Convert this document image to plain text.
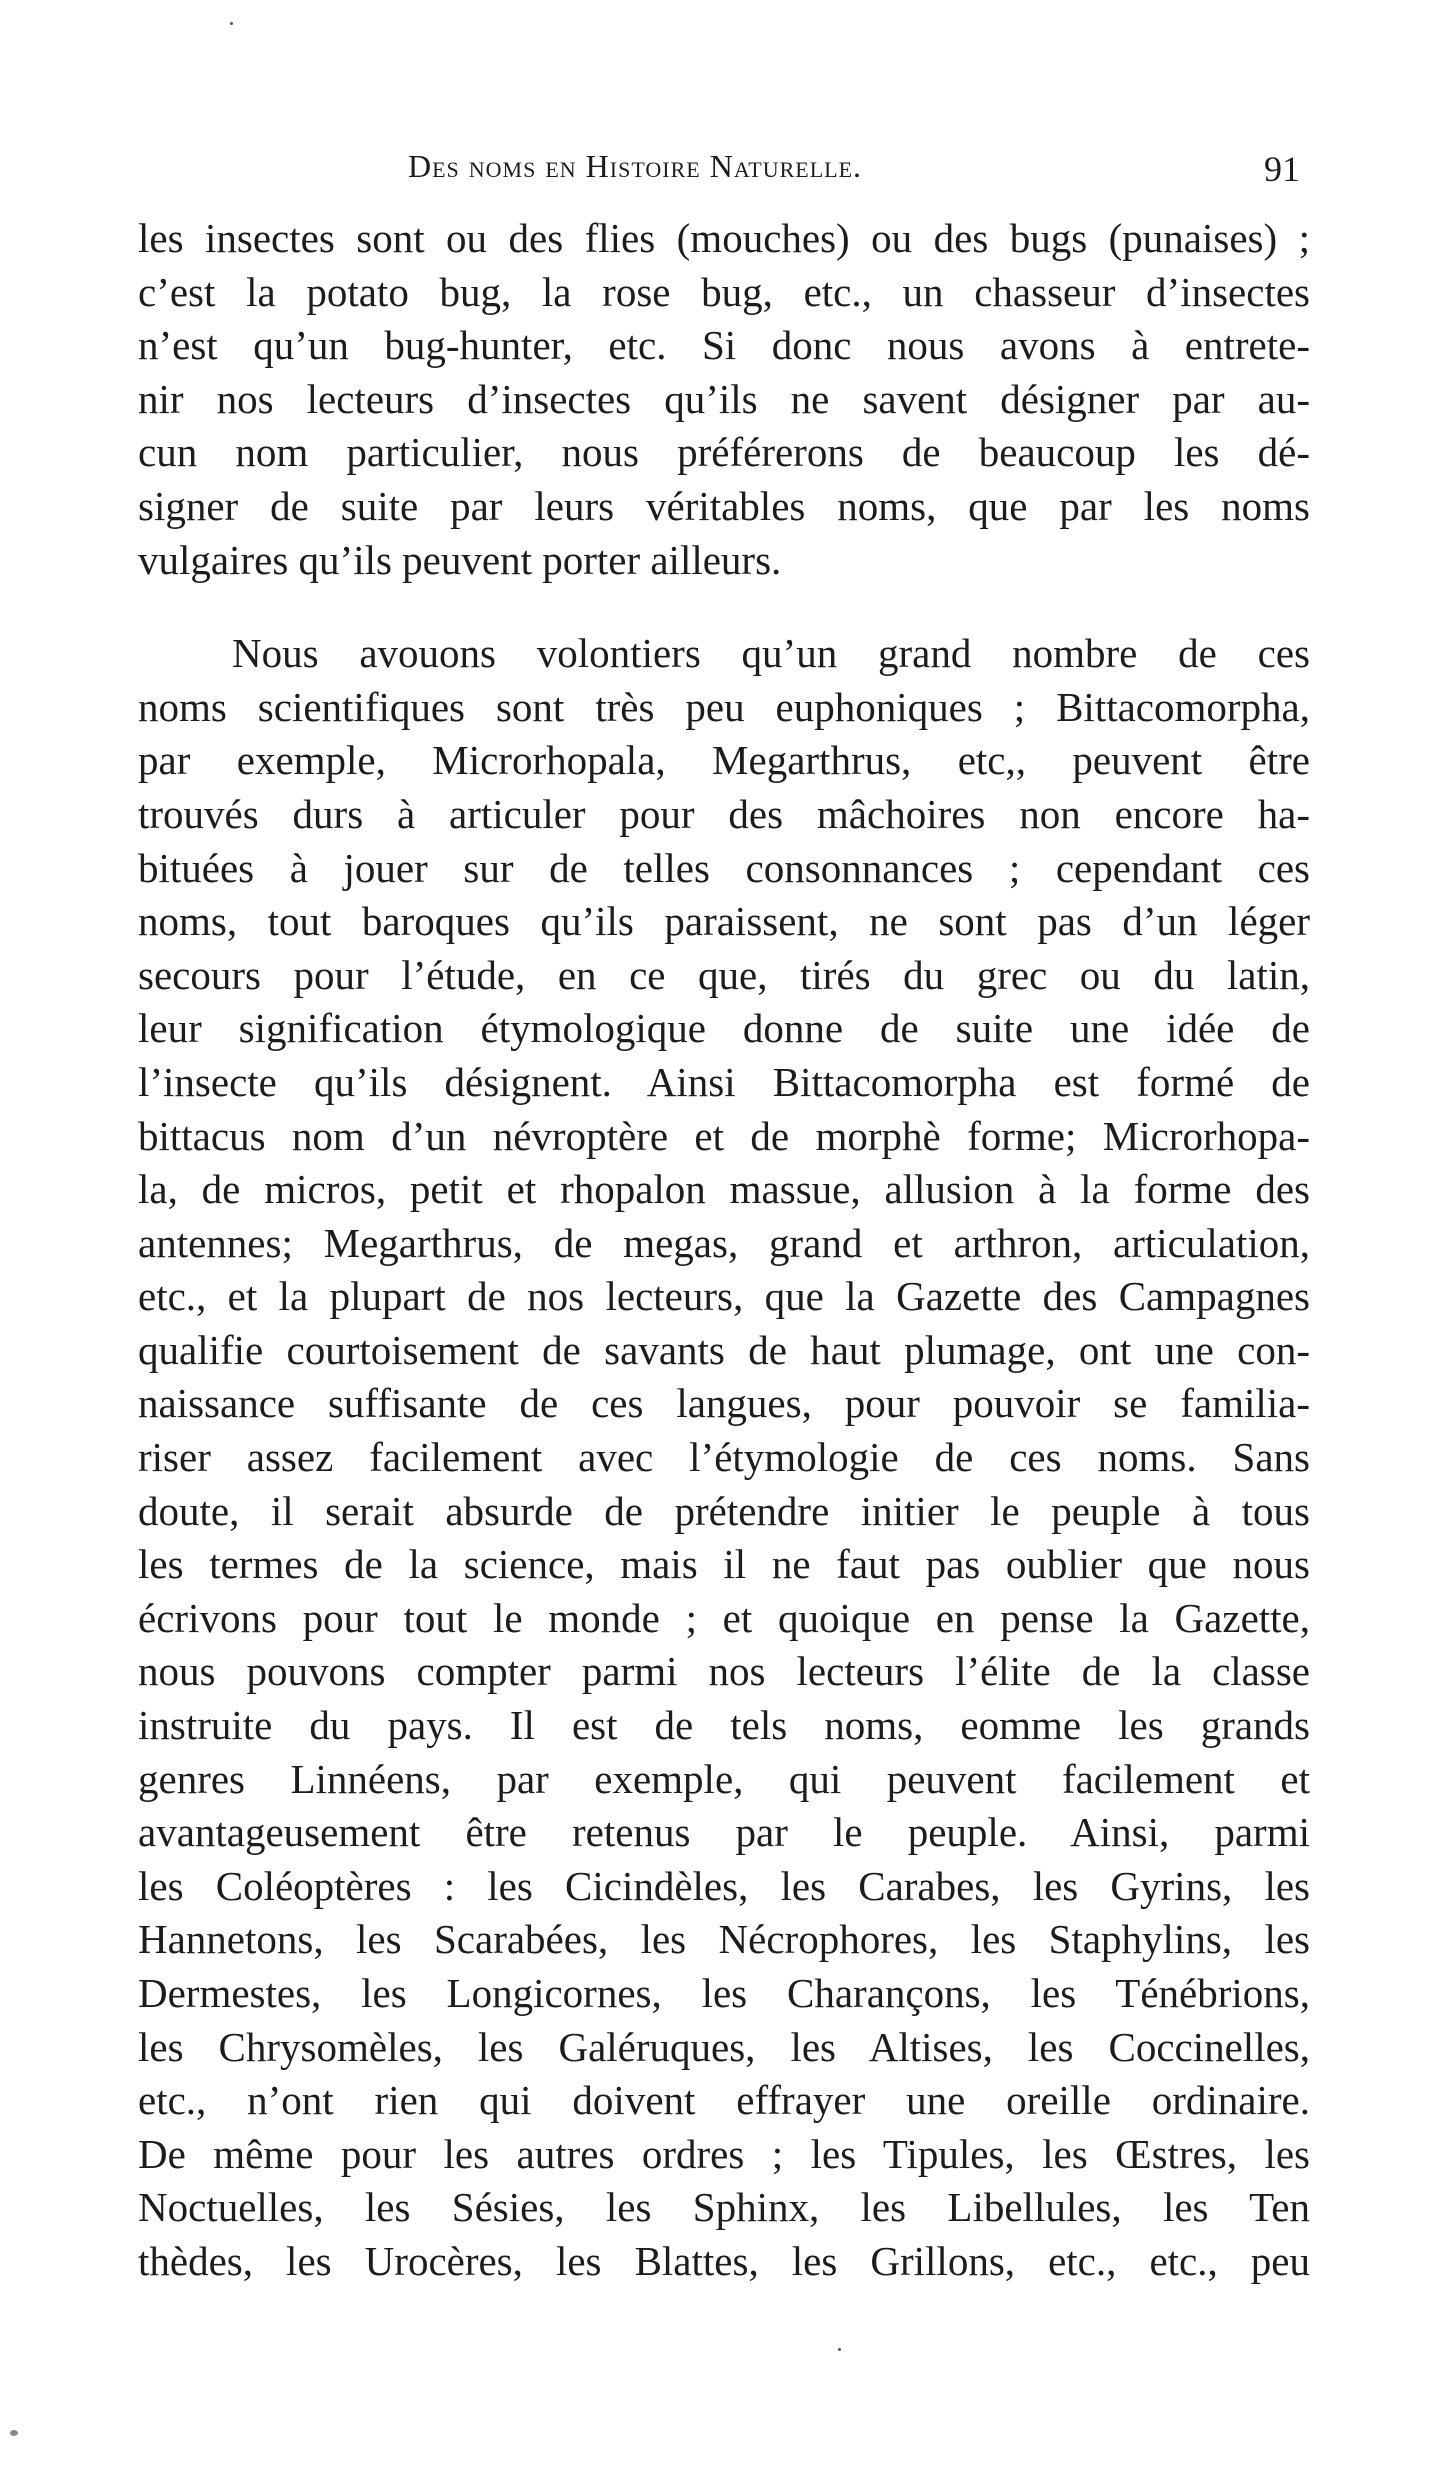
Des noms en Histoire Naturelle.	91
les insectes sont ou des flies (mouches) ou des bugs (punaises) ;
c’est la potato bug, la rose bug, etc., un chasseur d’insectes
n’est qu’un bug-hunter, etc. Si donc nous avons à entrete-
nir nos lecteurs d’insectes qu’ils ne savent désigner par au-
cun nom particulier, nous préférerons de beaucoup les dé-
signer de suite par leurs véritables noms, que par les noms
vulgaires qu’ils peuvent porter ailleurs.
Nous avouons volontiers qu’un grand nombre de ces
noms scientifiques sont très peu euphoniques ; Bittacomorpha,
par exemple, Microrhopala, Megarthrus, etc,, peuvent être
trouvés durs à articuler pour des mâchoires non encore ha-
bituées à jouer sur de telles consonnances ; cependant ces
noms, tout baroques qu’ils paraissent, ne sont pas d’un léger
secours pour l’étude, en ce que, tirés du grec ou du latin,
leur signification étymologique donne de suite une idée de
l’insecte qu’ils désignent. Ainsi Bittacomorpha est formé de
bittacus nom d’un névroptère et de morphè forme; Microrhopa-
la, de micros, petit et rhopalon massue, allusion à la forme des
antennes; Megarthrus, de megas, grand et arthron, articulation,
etc., et la plupart de nos lecteurs, que la Gazette des Campagnes
qualifie courtoisement de savants de haut plumage, ont une con-
naissance suffisante de ces langues, pour pouvoir se familia-
riser assez facilement avec l’étymologie de ces noms. Sans
doute, il serait absurde de prétendre initier le peuple à tous
les termes de la science, mais il ne faut pas oublier que nous
écrivons pour tout le monde ; et quoique en pense la Gazette,
nous pouvons compter parmi nos lecteurs l’élite de la classe
instruite du pays. Il est de tels noms, eomme les grands
genres Linnéens, par exemple, qui peuvent facilement et
avantageusement être retenus par le peuple. Ainsi, parmi
les Coléoptères : les Cicindèles, les Carabes, les Gyrins, les
Hannetons, les Scarabées, les Nécrophores, les Staphylins, les
Dermestes, les Longicornes, les Charançons, les Ténébrions,
les Chrysomèles, les Galéruques, les Altises, les Coccinelles,
etc., n’ont rien qui doivent effrayer une oreille ordinaire.
De même pour les autres ordres ; les Tipules, les Œstres, les
Noctuelles, les Sésies, les Sphinx, les Libellules, les Ten
thèdes, les Urocères, les Blattes, les Grillons, etc., etc., peu
